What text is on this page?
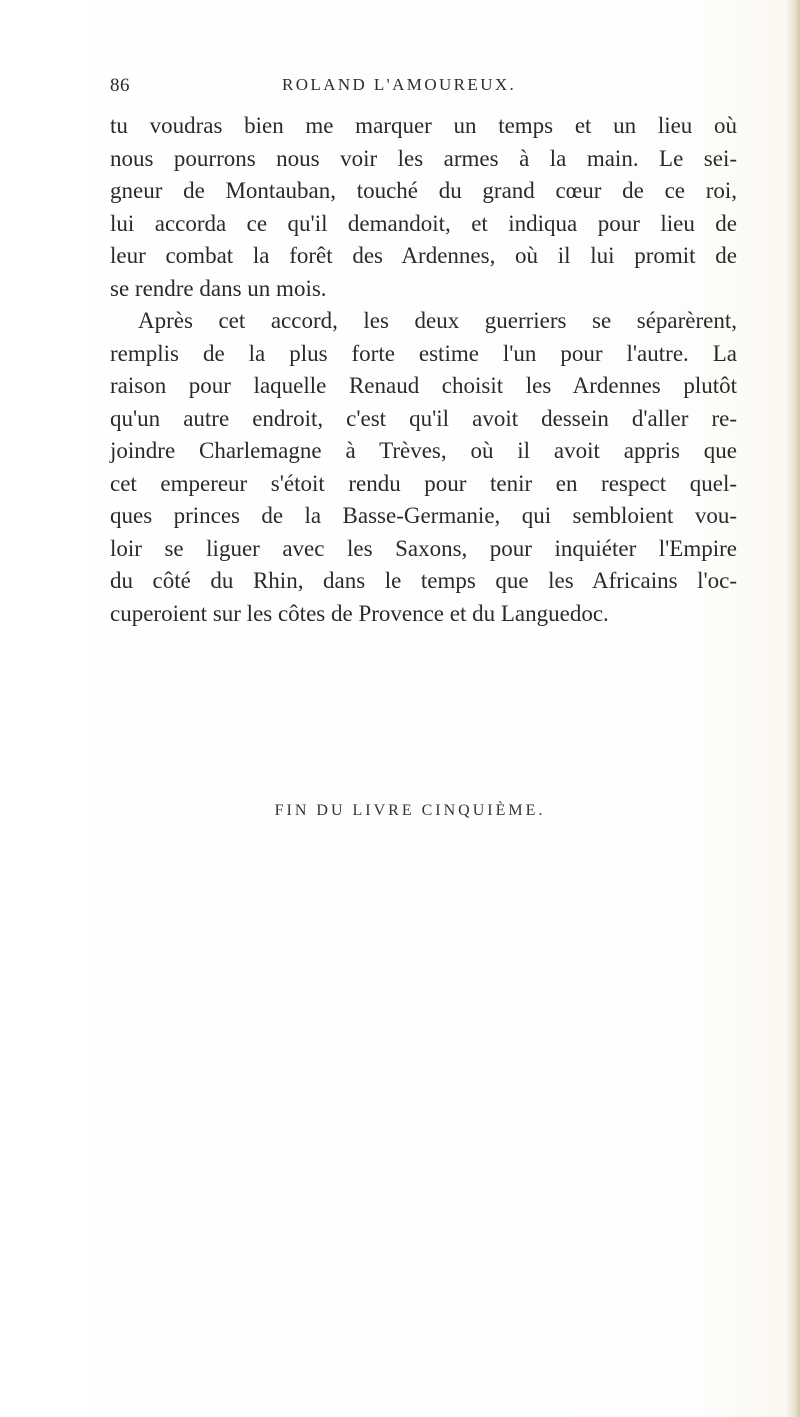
86	ROLAND L'AMOUREUX.
tu voudras bien me marquer un temps et un lieu où
nous pourrons nous voir les armes à la main. Le sei-
gneur de Montauban, touché du grand cœur de ce roi,
lui accorda ce qu'il demandoit, et indiqua pour lieu de
leur combat la forêt des Ardennes, où il lui promit de
se rendre dans un mois.
Après cet accord, les deux guerriers se séparèrent,
remplis de la plus forte estime l'un pour l'autre. La
raison pour laquelle Renaud choisit les Ardennes plutôt
qu'un autre endroit, c'est qu'il avoit dessein d'aller re-
joindre Charlemagne à Trèves, où il avoit appris que
cet empereur s'étoit rendu pour tenir en respect quel-
ques princes de la Basse-Germanie, qui sembloient vou-
loir se liguer avec les Saxons, pour inquiéter l'Empire
du côté du Rhin, dans le temps que les Africains l'oc-
cuperoient sur les côtes de Provence et du Languedoc.
FIN DU LIVRE CINQUIÈME.
